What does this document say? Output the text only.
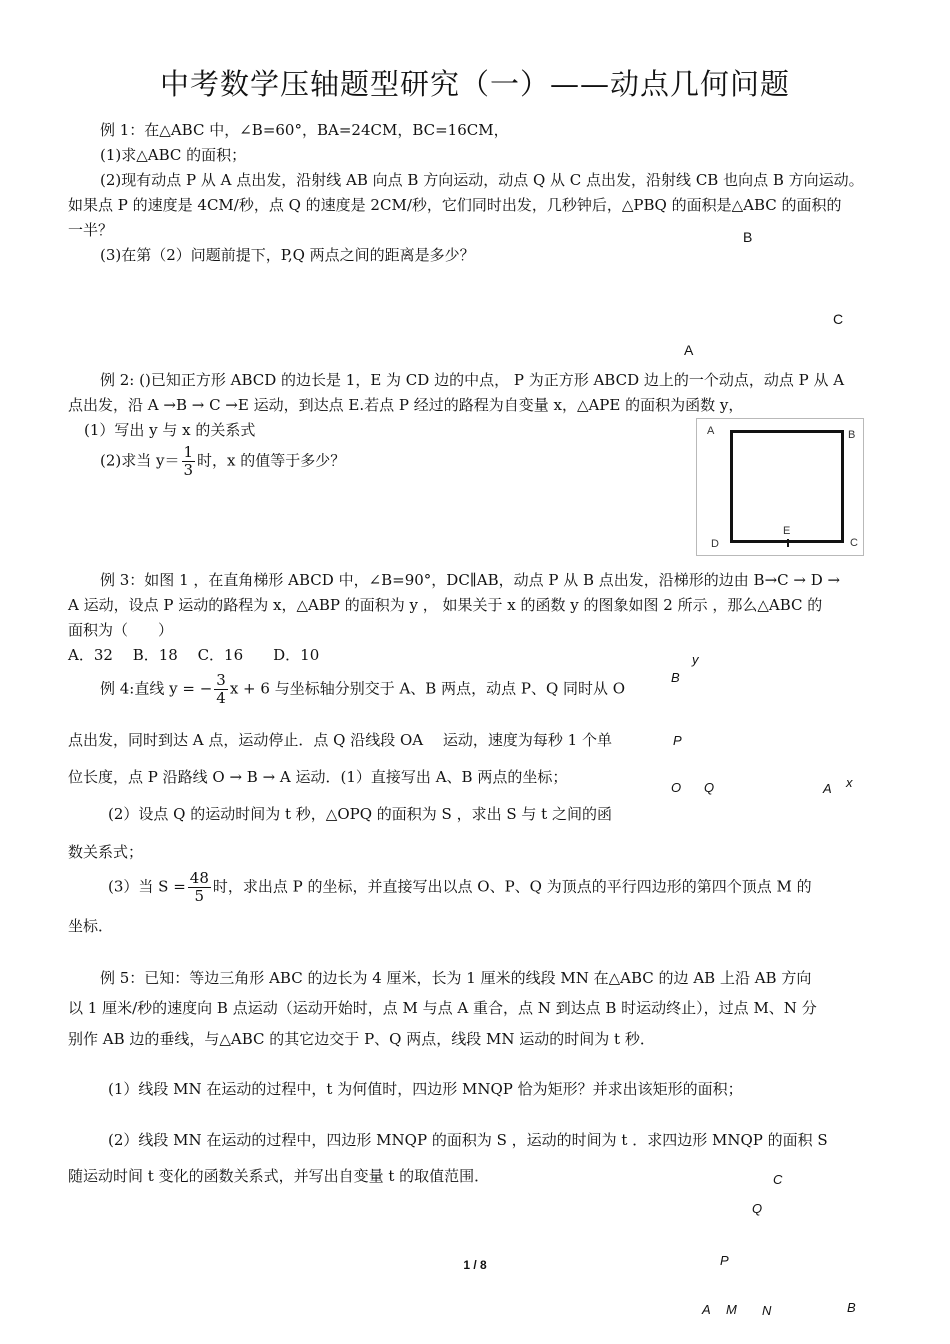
中考数学压轴题型研究（一）——动点几何问题
例 1：在△ABC 中，∠B=60°，BA=24CM，BC=16CM，
(1)求△ABC 的面积；
(2)现有动点 P 从 A 点出发，沿射线 AB 向点 B 方向运动，动点 Q 从 C 点出发，沿射线 CB 也向点 B 方向运动。
如果点 P 的速度是 4CM/秒，点 Q 的速度是 2CM/秒，它们同时出发，几秒钟后，△PBQ 的面积是△ABC 的面积的
一半？
(3)在第（2）问题前提下，P,Q 两点之间的距离是多少？
B
C
A
例 2: ()已知正方形 ABCD 的边长是 1，E 为 CD 边的中点， P 为正方形 ABCD 边上的一个动点，动点 P 从 A
点出发，沿 A →B → C →E 运动，到达点 E.若点 P 经过的路程为自变量 x，△APE 的面积为函数 y，
(1）写出 y 与 x 的关系式
(2)求当 $y= \frac{1}{3}$ 时，x 的值等于多少？
A	B
C
D
E
例 3：如图 1 ，在直角梯形 ABCD 中，∠B=90°，DC∥AB，动点 P 从 B 点出发，沿梯形的边由 B→C → D →
A 运动，设点 P 运动的路程为 x，△ABP 的面积为 y ， 如果关于 x 的函数 y 的图象如图 2 所示 ，那么△ABC 的
面积为（　　）
A．32　 B．18　 C．16　　D．10
例 4:直线 y = − $\frac{3}{4}$ x + 6 与坐标轴分别交于 A、B 两点，动点 P、Q 同时从 O
点出发，同时到达 A 点，运动停止．点 Q 沿线段 OA 　运动，速度为每秒 1 个单
位长度，点 P 沿路线 O → B → A 运动．(1）直接写出 A、B 两点的坐标；
(2）设点 Q 的运动时间为 t 秒，△OPQ 的面积为 S ，求出 S 与 t 之间的函
数关系式；
(3）当 $S = \frac{48}{5}$ 时，求出点 P 的坐标，并直接写出以点 O、P、Q 为顶点的平行四边形的第四个顶点 M 的
坐标．
y
B
P
O Q	A x
例 5：已知：等边三角形 ABC 的边长为 4 厘米，长为 1 厘米的线段 MN 在△ABC 的边 AB 上沿 AB 方向
以 1 厘米/秒的速度向 B 点运动（运动开始时，点 M 与点 A 重合，点 N 到达点 B 时运动终止），过点 M、N 分
别作 AB 边的垂线，与△ABC 的其它边交于 P、Q 两点，线段 MN 运动的时间为 t 秒．
(1）线段 MN 在运动的过程中，t 为何值时，四边形 MNQP 恰为矩形？并求出该矩形的面积；
(2）线段 MN 在运动的过程中，四边形 MNQP 的面积为 S ，运动的时间为 t ．求四边形 MNQP 的面积 S
随运动时间 t 变化的函数关系式，并写出自变量 t 的取值范围．	C
Q
P
A M N	B
1 / 8
